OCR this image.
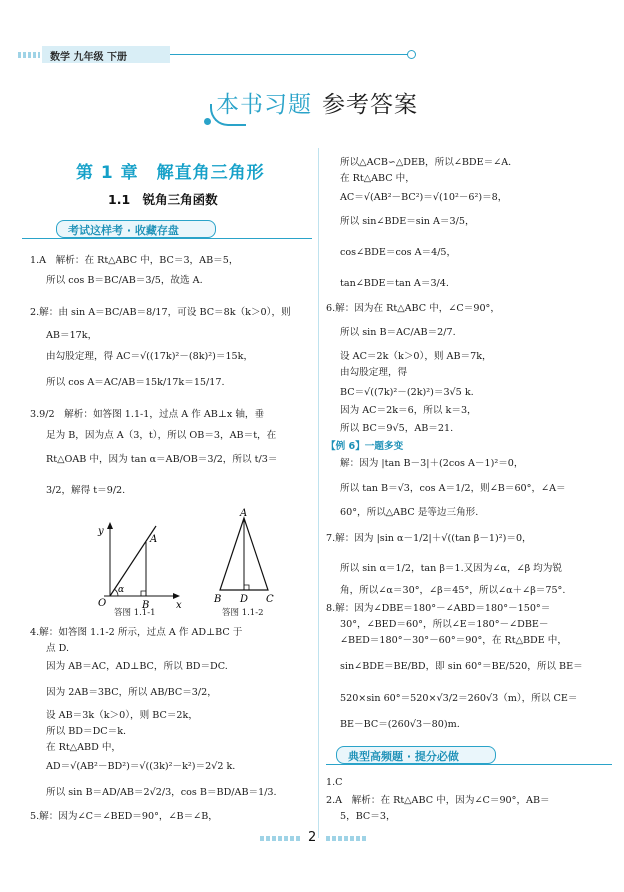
数学 九年级 下册
本书习题 参考答案
第 1 章　解直角三角形
1.1　锐角三角函数
考试这样考 · 收藏存盘
1.A　解析：在 Rt△ABC 中，BC＝3，AB＝5，
所以 cos B＝BC/AB＝3/5，故选 A.
2.解：由 sin A＝BC/AB＝8/17，可设 BC＝8k（k＞0），则
AB＝17k，
由勾股定理，得 AC＝√((17k)²－(8k)²)＝15k，
所以 cos A＝AC/AB＝15k/17k＝15/17.
3.9/2　解析：如答图 1.1-1，过点 A 作 AB⊥x 轴，垂
足为 B，因为点 A（3，t），所以 OB＝3，AB＝t，在
Rt△OAB 中，因为 tan α＝AB/OB＝3/2，所以 t/3＝
3/2，解得 t＝9/2.
y
A
α
O	B	x
答图 1.1-1
A
B D C
答图 1.1-2
4.解：如答图 1.1-2 所示，过点 A 作 AD⊥BC 于
点 D.
因为 AB＝AC，AD⊥BC，所以 BD＝DC.
因为 2AB＝3BC，所以 AB/BC＝3/2，
设 AB＝3k（k＞0），则 BC＝2k，
所以 BD＝DC＝k.
在 Rt△ABD 中，
AD＝√(AB²－BD²)＝√((3k)²－k²)＝2√2 k.
所以 sin B＝AD/AB＝2√2/3，cos B＝BD/AB＝1/3.
5.解：因为∠C＝∠BED＝90°，∠B＝∠B，
所以△ACB∽△DEB，所以∠BDE＝∠A.
在 Rt△ABC 中，
AC＝√(AB²－BC²)＝√(10²－6²)＝8，
所以 sin∠BDE＝sin A＝3/5，
cos∠BDE＝cos A＝4/5，
tan∠BDE＝tan A＝3/4.
6.解：因为在 Rt△ABC 中，∠C＝90°，
所以 sin B＝AC/AB＝2/7.
设 AC＝2k（k＞0），则 AB＝7k，
由勾股定理，得
BC＝√((7k)²－(2k)²)＝3√5 k.
因为 AC＝2k＝6，所以 k＝3，
所以 BC＝9√5，AB＝21.
【例 6】一题多变
解：因为 |tan B－3|＋(2cos A－1)²＝0，
所以 tan B＝√3，cos A＝1/2，则∠B＝60°，∠A＝
60°，所以△ABC 是等边三角形.
7.解：因为 |sin α－1/2|＋√((tan β－1)²)＝0，
所以 sin α＝1/2，tan β＝1.又因为∠α，∠β 均为锐
角，所以∠α＝30°，∠β＝45°，所以∠α＋∠β＝75°.
8.解：因为∠DBE＝180°－∠ABD＝180°－150°＝
30°，∠BED＝60°，所以∠E＝180°－∠DBE－
∠BED＝180°－30°－60°＝90°，在 Rt△BDE 中，
sin∠BDE＝BE/BD，即 sin 60°＝BE/520，所以 BE＝
520×sin 60°＝520×√3/2＝260√3（m），所以 CE＝
BE－BC＝(260√3－80)m.
典型高频题 · 提分必做
1.C
2.A　解析：在 Rt△ABC 中，因为∠C＝90°，AB＝
5，BC＝3，
2
